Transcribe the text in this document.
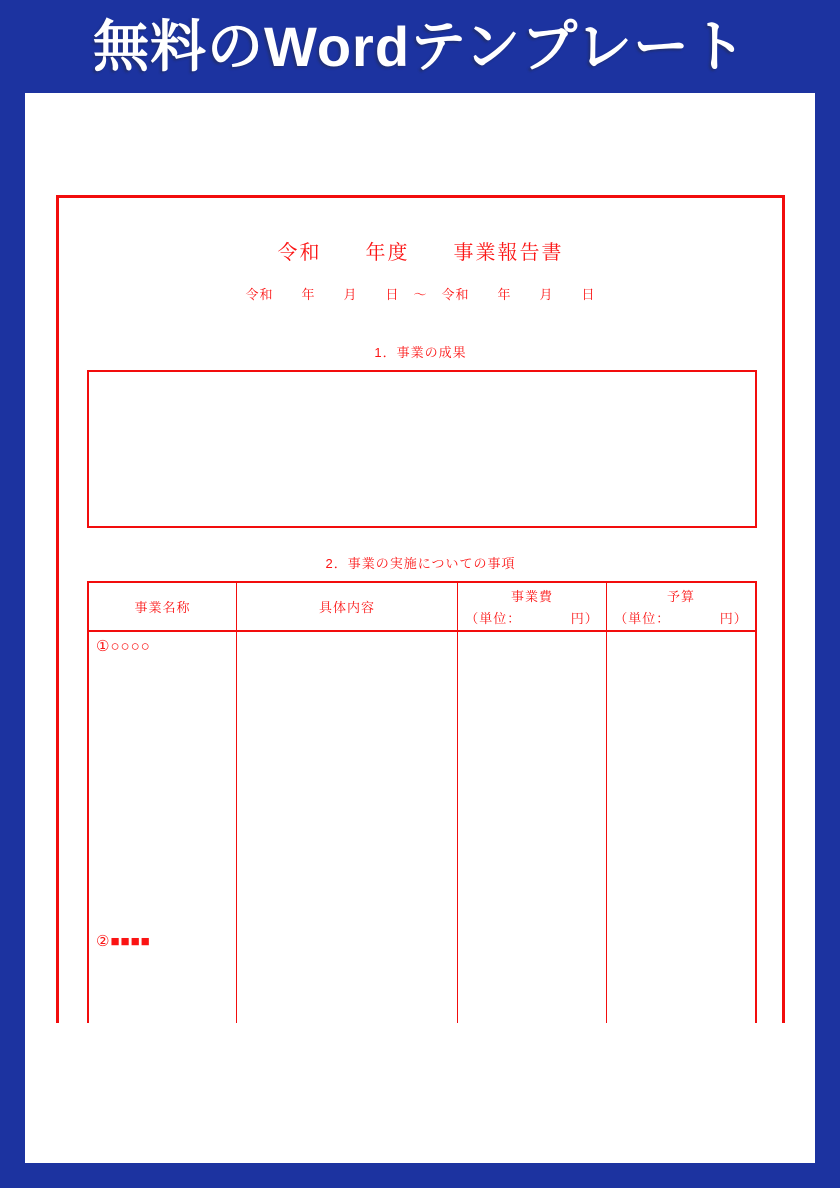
無料のWordテンプレート
令和　　年度　　事業報告書
令和　　年　　月　　日　～　令和　　年　　月　　日
1．事業の成果
2．事業の実施についての事項
事業名称	具体内容
事業費
（単位：　　　　円）
予算
（単位：　　　　円）
①○○○○
②■■■■
